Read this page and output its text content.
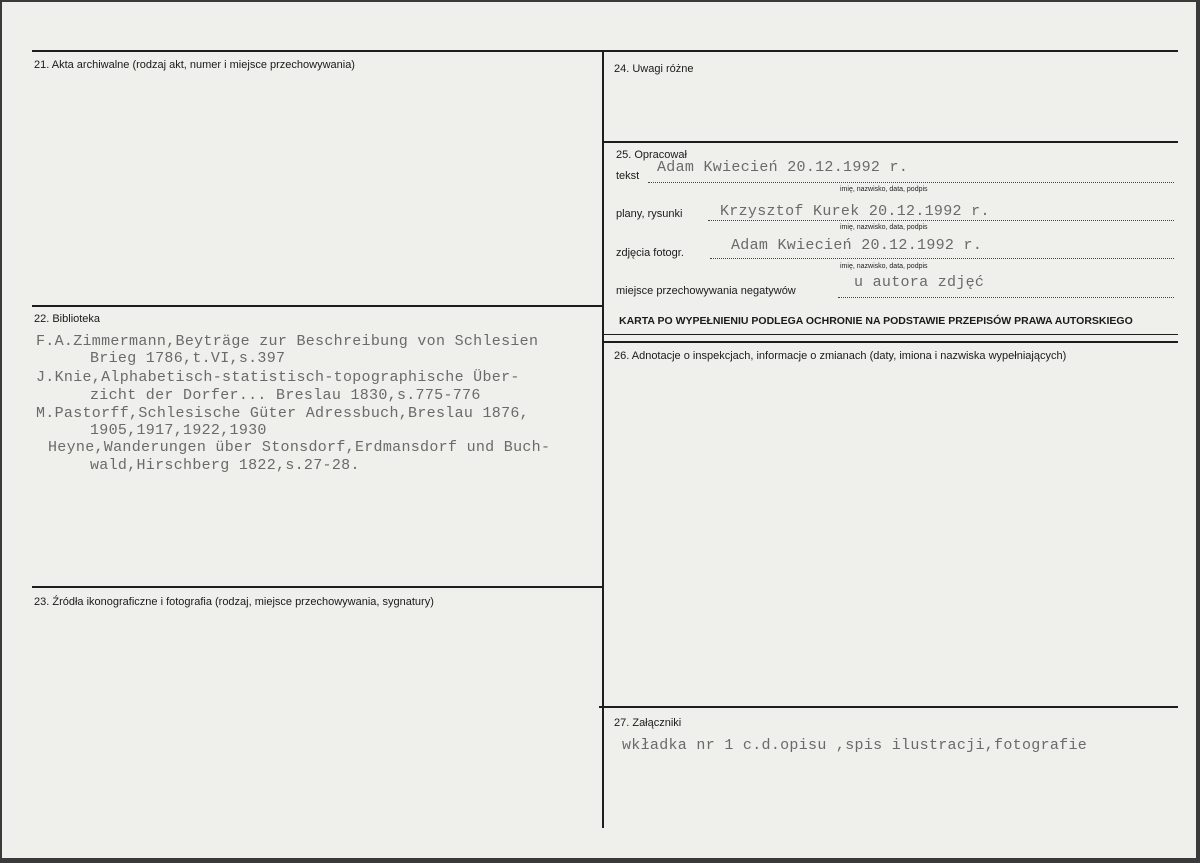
21. Akta archiwalne (rodzaj akt, numer i miejsce przechowywania)
22. Biblioteka
F.A.Zimmermann,Beyträge zur Beschreibung von Schlesien
Brieg 1786,t.VI,s.397
J.Knie,Alphabetisch-statistisch-topographische Über-
zicht der Dorfer... Breslau 1830,s.775-776
M.Pastorff,Schlesische Güter Adressbuch,Breslau 1876,
1905,1917,1922,1930
Heyne,Wanderungen über Stonsdorf,Erdmansdorf und Buch-
wald,Hirschberg 1822,s.27-28.
23. Źródła ikonograficzne i fotografia (rodzaj, miejsce przechowywania, sygnatury)
24. Uwagi różne
25. Opracował
tekst Adam Kwiecień 20.12.1992 r.
imię, nazwisko, data, podpis
plany, rysunki	Krzysztof Kurek 20.12.1992 r.
imię, nazwisko, data, podpis
zdjęcia fotogr.	Adam Kwiecień 20.12.1992 r.
imię, nazwisko, data, podpis
miejsce przechowywania negatywów	u autora zdjęć
KARTA PO WYPEŁNIENIU PODLEGA OCHRONIE NA PODSTAWIE PRZEPISÓW PRAWA AUTORSKIEGO
26. Adnotacje o inspekcjach, informacje o zmianach (daty, imiona i nazwiska wypełniających)
27. Załączniki
wkładka nr 1 c.d.opisu ,spis ilustracji,fotografie
